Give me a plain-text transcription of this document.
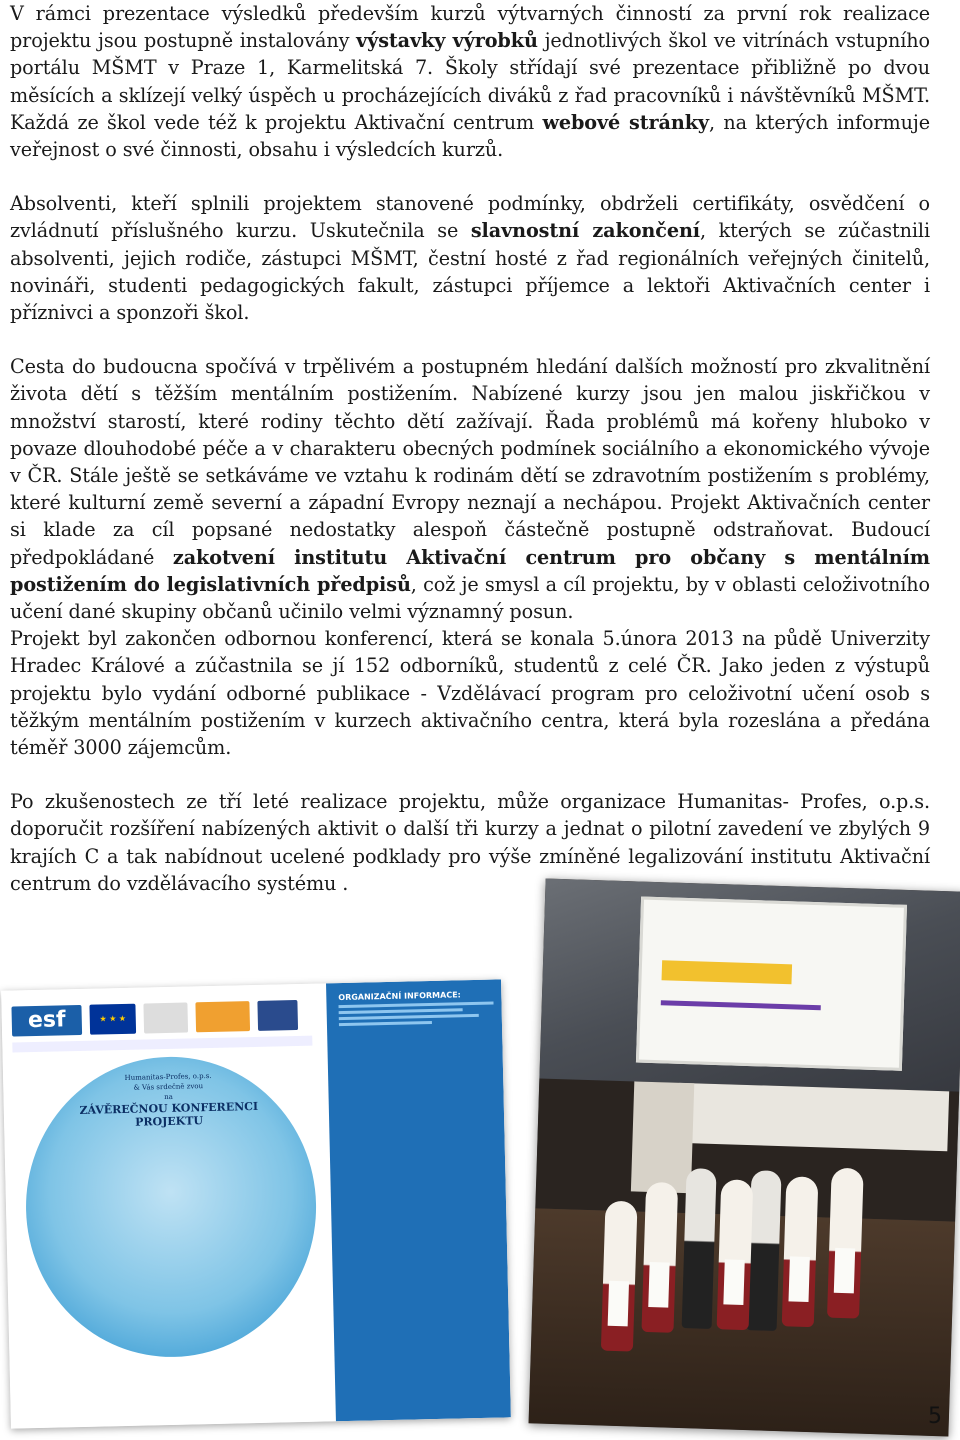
V rámci prezentace výsledků především kurzů výtvarných činností za první rok realizace projektu jsou postupně instalovány výstavky výrobků jednotlivých škol ve vitrínách vstupního portálu MŠMT v Praze 1, Karmelitská 7. Školy střídají své prezentace přibližně po dvou měsících a sklízejí velký úspěch u procházejících diváků z řad pracovníků i návštěvníků MŠMT. Každá ze škol vede též k projektu Aktivační centrum webové stránky, na kterých informuje veřejnost o své činnosti, obsahu i výsledcích kurzů.

Absolventi, kteří splnili projektem stanovené podmínky, obdrželi certifikáty, osvědčení o zvládnutí příslušného kurzu. Uskutečnila se slavnostní zakončení, kterých se zúčastnili absolventi, jejich rodiče, zástupci MŠMT, čestní hosté z řad regionálních veřejných činitelů, novináři, studenti pedagogických fakult, zástupci příjemce a lektoři Aktivačních center i příznivci a sponzoři škol.

Cesta do budoucna spočívá v trpělivém a postupném hledání dalších možností pro zkvalitnění života dětí s těžším mentálním postižením. Nabízené kurzy jsou jen malou jiskřičkou v množství starostí, které rodiny těchto dětí zažívají. Řada problémů má kořeny hluboko v povaze dlouhodobé péče a v charakteru obecných podmínek sociálního a ekonomického vývoje v ČR. Stále ještě se setkáváme ve vztahu k rodinám dětí se zdravotním postižením s problémy, které kulturní země severní a západní Evropy neznají a nechápou. Projekt Aktivačních center si klade za cíl popsané nedostatky alespoň částečně postupně odstraňovat. Budoucí předpokládané zakotvení institutu Aktivační centrum pro občany s mentálním postižením do legislativních předpisů, což je smysl a cíl projektu, by v oblasti celoživotního učení dané skupiny občanů učinilo velmi významný posun.

Projekt byl zakončen odbornou konferencí, která se konala 5.února 2013 na půdě Univerzity Hradec Králové a zúčastnila se jí 152 odborníků, studentů z celé ČR. Jako jeden z výstupů projektu bylo vydání odborné publikace - Vzdělávací program pro celoživotní učení osob s těžkým mentálním postižením v kurzech aktivačního centra, která byla rozeslána a předána téměř 3000 zájemcům.

Po zkušenostech ze tří leté realizace projektu, může organizace Humanitas- Profes, o.p.s. doporučit rozšíření nabízených aktivit o další tři kurzy a jednat o pilotní zavedení ve zbylých 9 krajích C a tak nabídnout ucelené podklady pro výše zmíněné legalizování institutu Aktivační centrum do vzdělávacího systému .

esf
★ ★ ★
Humanitas-Profes, o.p.s.
& Vás srdečně zvou
na
ZÁVĚREČNOU KONFERENCI PROJEKTU
ORGANIZAČNÍ INFORMACE:
5
